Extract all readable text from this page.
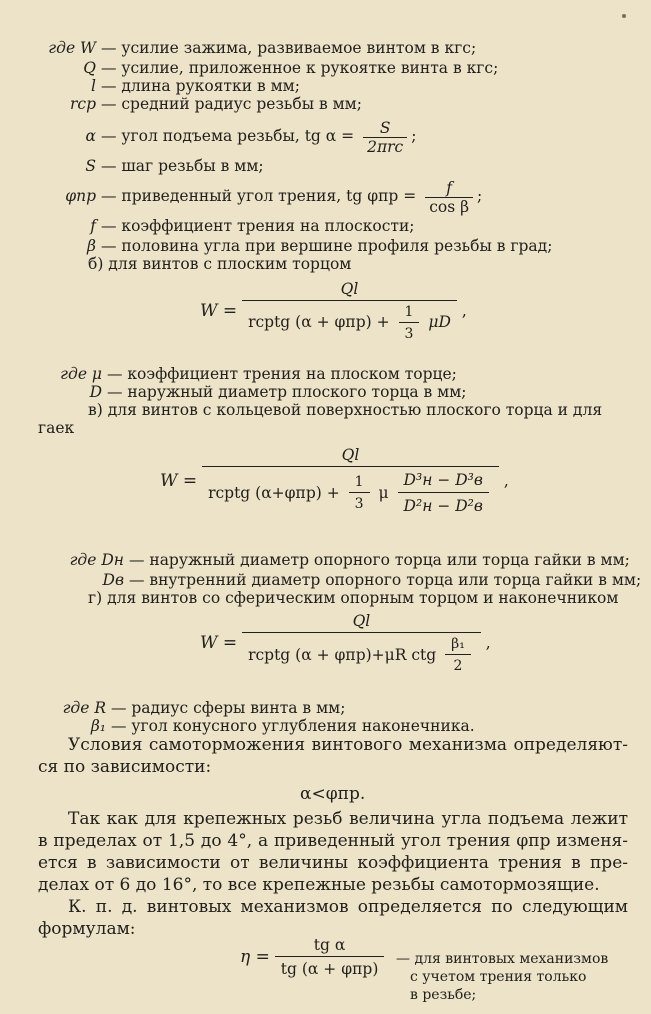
где W — усилие зажима, развиваемое винтом в кгс;
Q — усилие, приложенное к рукоятке винта в кгс;
l — длина рукоятки в мм;
rср — средний радиус резьбы в мм;
α — угол подъема резьбы, tg $\alpha = \frac{S}{\text{2πrс}}$ ;
S — шаг резьбы в мм;
φпр — приведенный угол трения, tg $\varphi пр = \frac{f}{\text{cos β}}$ ;
f — коэффициент трения на плоскости;
β — половина угла при вершине профиля резьбы в град;
б) для винтов с плоским торцом
W =
Ql
rсрtg $(\alpha + \varphi пр) + \frac{1}{3}$ μD
,
где μ — коэффициент трения на плоском торце;
D — наружный диаметр плоского торца в мм;
в) для винтов с кольцевой поверхностью плоского торца и для
гаек
W =
Ql
rсрtg $(\alpha+\varphi пр) + \frac{1}{3}$ μ $\frac{\text{D³н − D³в}}{\text{D²н − D²в}}$ ,
где Dн — наружный диаметр опорного торца или торца гайки в мм;
Dв — внутренний диаметр опорного торца или торца гайки в мм;
г) для винтов со сферическим опорным торцом и наконечником
$W = \frac{Ql}{rсрtg (\alpha + \varphi пр)+\mu R ctg \frac{\text{β₁}}{2}}$ ,
где R — радиус сферы винта в мм;
β₁ — угол конусного углубления наконечника.
Условия самоторможения винтового механизма определяют-ся по зависимости:
α<φпр.
Так как для крепежных резьб величина угла подъема лежит в пределах от 1,5 до 4°, а приведенный угол трения φпр изменя-ется в зависимости от величины коэффициента трения в пре-делах от 6 до 16°, то все крепежные резьбы самотормозящие.
К. п. д. винтовых механизмов определяется по следующим формулам:
$\eta = \frac{\text{tg α}}{\text{tg (α + φпр)}}$ — для винтовых механизмов
с учетом трения только
в резьбе;
